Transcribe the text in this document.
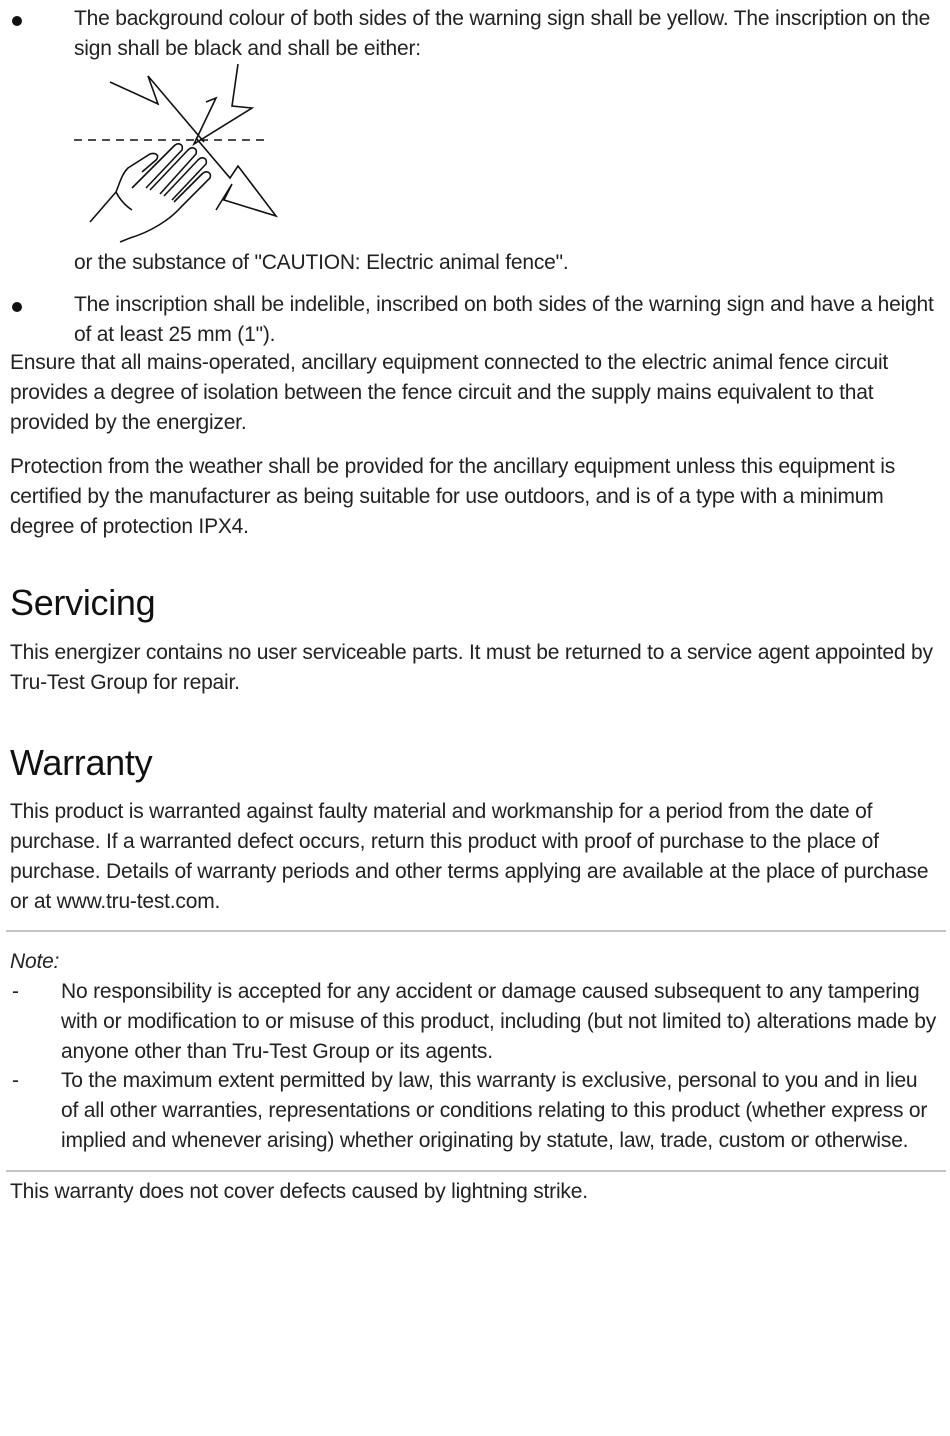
The background colour of both sides of the warning sign shall be yellow. The inscription on the sign shall be black and shall be either:
or the substance of "CAUTION: Electric animal fence".
The inscription shall be indelible, inscribed on both sides of the warning sign and have a height of at least 25 mm (1").

Ensure that all mains-operated, ancillary equipment connected to the electric animal fence circuit provides a degree of isolation between the fence circuit and the supply mains equivalent to that provided by the energizer.

Protection from the weather shall be provided for the ancillary equipment unless this equipment is certified by the manufacturer as being suitable for use outdoors, and is of a type with a minimum degree of protection IPX4.

Servicing

This energizer contains no user serviceable parts. It must be returned to a service agent appointed by Tru-Test Group for repair.

Warranty

This product is warranted against faulty material and workmanship for a period from the date of purchase. If a warranted defect occurs, return this product with proof of purchase to the place of purchase. Details of warranty periods and other terms applying are available at the place of purchase or at www.tru-test.com.

Note:
- No responsibility is accepted for any accident or damage caused subsequent to any tampering with or modification to or misuse of this product, including (but not limited to) alterations made by anyone other than Tru-Test Group or its agents.
- To the maximum extent permitted by law, this warranty is exclusive, personal to you and in lieu of all other warranties, representations or conditions relating to this product (whether express or implied and whenever arising) whether originating by statute, law, trade, custom or otherwise.

This warranty does not cover defects caused by lightning strike.
